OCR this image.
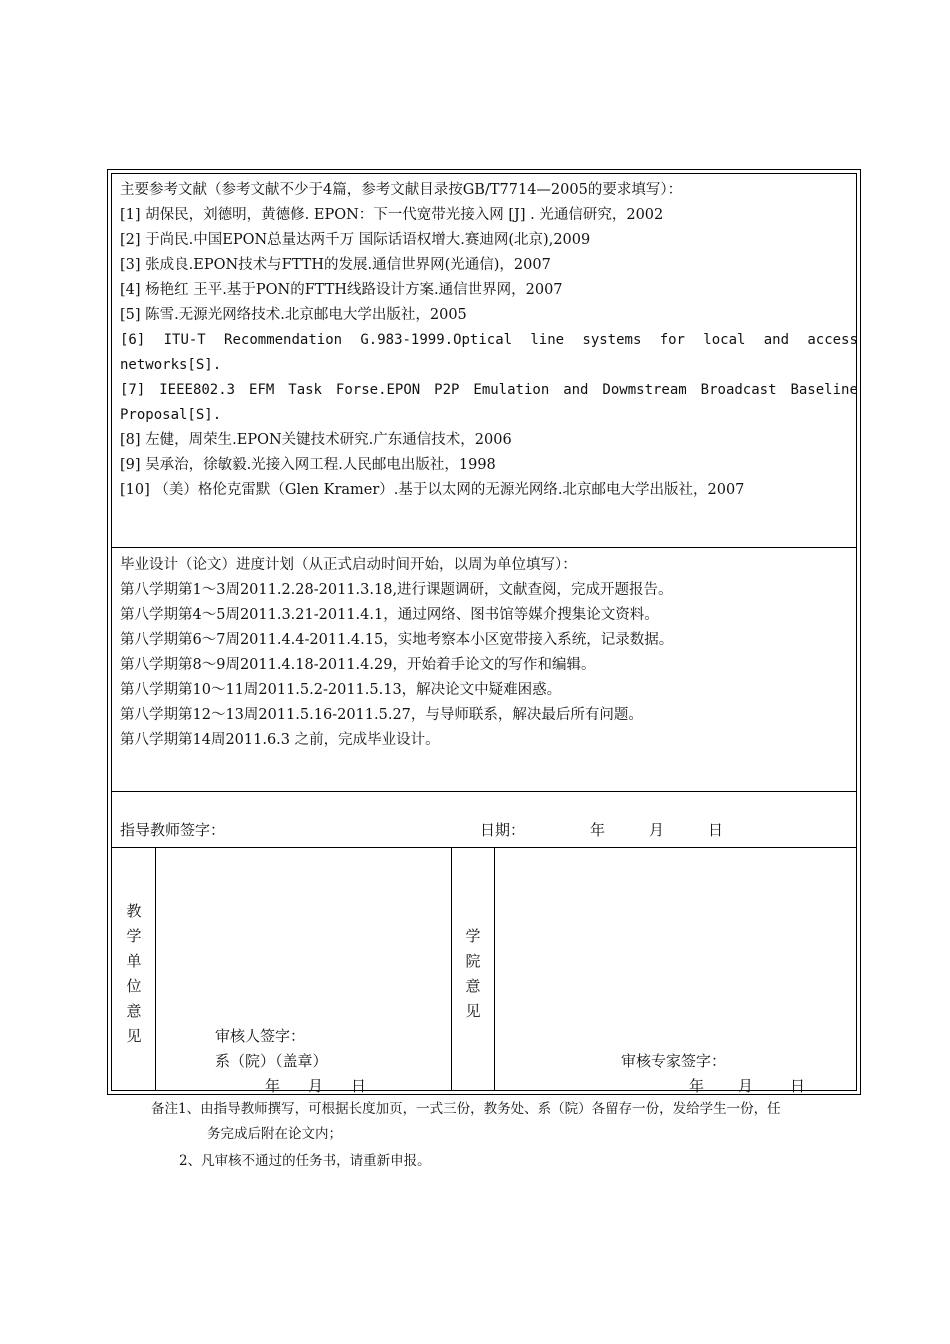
主要参考文献（参考文献不少于4篇，参考文献目录按GB/T7714—2005的要求填写）：
[1] 胡保民，刘德明，黄德修. EPON：下一代宽带光接入网 [J] . 光通信研究，2002
[2] 于尚民.中国EPON总量达两千万 国际话语权增大.赛迪网(北京),2009
[3] 张成良.EPON技术与FTTH的发展.通信世界网(光通信)，2007
[4] 杨艳红 王平.基于PON的FTTH线路设计方案.通信世界网，2007
[5] 陈雪.无源光网络技术.北京邮电大学出版社，2005
[6] ITU-T Recommendation G.983-1999.Optical line systems for local and access
networks[S].
[7] IEEE802.3 EFM Task Forse.EPON P2P Emulation and Dowmstream Broadcast Baseline
Proposal[S].
[8] 左健，周荣生.EPON关键技术研究.广东通信技术，2006
[9] 吴承治，徐敏毅.光接入网工程.人民邮电出版社，1998
[10] （美）格伦克雷默（Glen Kramer）.基于以太网的无源光网络.北京邮电大学出版社，2007
毕业设计（论文）进度计划（从正式启动时间开始，以周为单位填写）：
第八学期第1～3周2011.2.28-2011.3.18,进行课题调研，文献查阅，完成开题报告。
第八学期第4～5周2011.3.21-2011.4.1，通过网络、图书馆等媒介搜集论文资料。
第八学期第6～7周2011.4.4-2011.4.15，实地考察本小区宽带接入系统，记录数据。
第八学期第8～9周2011.4.18-2011.4.29，开始着手论文的写作和编辑。
第八学期第10～11周2011.5.2-2011.5.13，解决论文中疑难困惑。
第八学期第12～13周2011.5.16-2011.5.27，与导师联系，解决最后所有问题。
第八学期第14周2011.6.3 之前，完成毕业设计。
指导教师签字：	日期：	年	月	日
教
学
单
位
意
见	审核人签字：
系（院）（盖章）
年 月 日
学
院
意
见
审核专家签字：
年 月 日
备注1、由指导教师撰写，可根据长度加页，一式三份，教务处、系（院）各留存一份，发给学生一份，任
务完成后附在论文内；
2、凡审核不通过的任务书，请重新申报。
